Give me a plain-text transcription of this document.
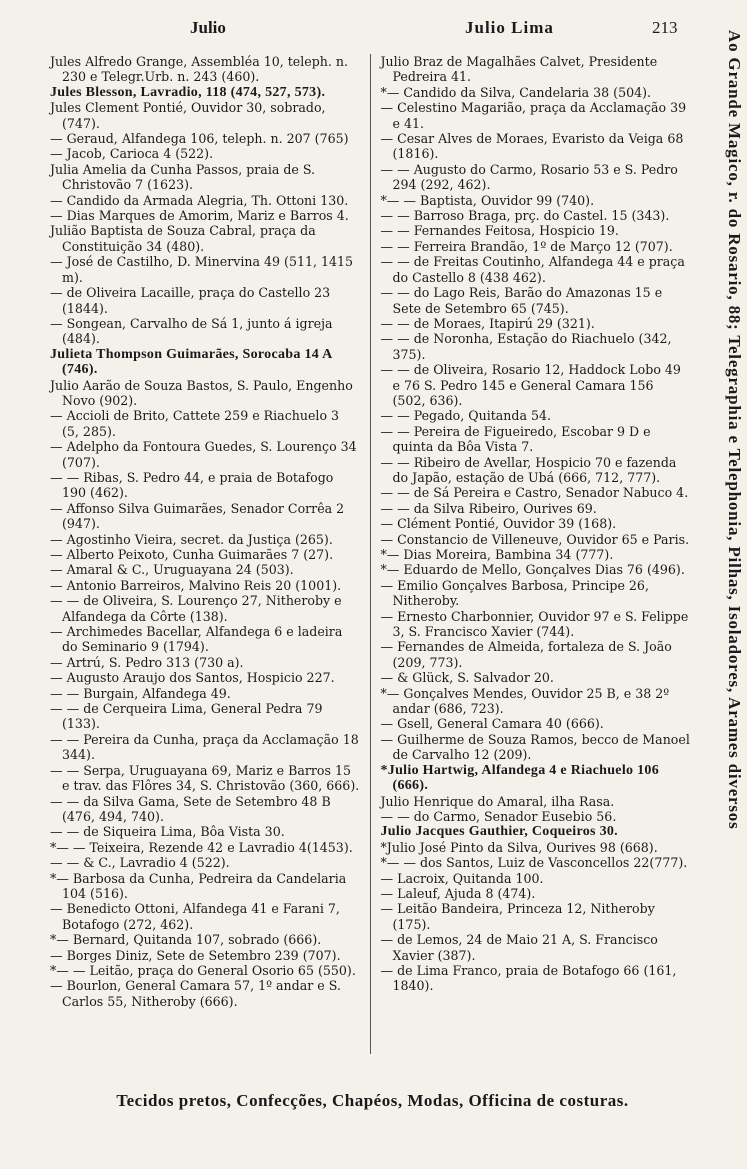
Julio	Julio Lima	213

Jules Alfredo Grange, Assembléa 10, teleph. n. 230 e Telegr.Urb. n. 243 (460).

Jules Blesson, Lavradio, 118 (474, 527, 573).

Jules Clement Pontié, Ouvidor 30, sobrado, (747).

— Geraud, Alfandega 106, teleph. n. 207 (765)

— Jacob, Carioca 4 (522).

Julia Amelia da Cunha Passos, praia de S. Christovão 7 (1623).

— Candido da Armada Alegria, Th. Ottoni 130.

— Dias Marques de Amorim, Mariz e Barros 4.

Julião Baptista de Souza Cabral, praça da Constituição 34 (480).

— José de Castilho, D. Minervina 49 (511, 1415 m).

— de Oliveira Lacaille, praça do Castello 23 (1844).

— Songean, Carvalho de Sá 1, junto á igreja (484).

Julieta Thompson Guimarães, Sorocaba 14 A (746).

Julio Aarão de Souza Bastos, S. Paulo, Engenho Novo (902).

— Accioli de Brito, Cattete 259 e Riachuelo 3 (5, 285).

— Adelpho da Fontoura Guedes, S. Lourenço 34 (707).

— — Ribas, S. Pedro 44, e praia de Botafogo 190 (462).

— Affonso Silva Guimarães, Senador Corrêa 2 (947).

— Agostinho Vieira, secret. da Justiça (265).

— Alberto Peixoto, Cunha Guimarães 7 (27).

— Amaral & C., Uruguayana 24 (503).

— Antonio Barreiros, Malvino Reis 20 (1001).

— — de Oliveira, S. Lourenço 27, Nitheroby e Alfandega da Côrte (138).

— Archimedes Bacellar, Alfandega 6 e ladeira do Seminario 9 (1794).

— Artrú, S. Pedro 313 (730 a).

— Augusto Araujo dos Santos, Hospicio 227.

— — Burgain, Alfandega 49.

— — de Cerqueira Lima, General Pedra 79 (133).

— — Pereira da Cunha, praça da Acclamação 18 344).

— — Serpa, Uruguayana 69, Mariz e Barros 15 e trav. das Flôres 34, S. Christovão (360, 666).

— — da Silva Gama, Sete de Setembro 48 B (476, 494, 740).

— — de Siqueira Lima, Bôa Vista 30.

*— — Teixeira, Rezende 42 e Lavradio 4(1453).

— — & C., Lavradio 4 (522).

*— Barbosa da Cunha, Pedreira da Candelaria 104 (516).

— Benedicto Ottoni, Alfandega 41 e Farani 7, Botafogo (272, 462).

*— Bernard, Quitanda 107, sobrado (666).

— Borges Diniz, Sete de Setembro 239 (707).

*— — Leitão, praça do General Osorio 65 (550).

— Bourlon, General Camara 57, 1º andar e S. Carlos 55, Nitheroby (666).

Julio Braz de Magalhães Calvet, Presidente Pedreira 41.

*— Candido da Silva, Candelaria 38 (504).

— Celestino Magarião, praça da Acclamação 39 e 41.

— Cesar Alves de Moraes, Evaristo da Veiga 68 (1816).

— — Augusto do Carmo, Rosario 53 e S. Pedro 294 (292, 462).

*— — Baptista, Ouvidor 99 (740).

— — Barroso Braga, prç. do Castel. 15 (343).

— — Fernandes Feitosa, Hospicio 19.

— — Ferreira Brandão, 1º de Março 12 (707).

— — de Freitas Coutinho, Alfandega 44 e praça do Castello 8 (438 462).

— — do Lago Reis, Barão do Amazonas 15 e Sete de Setembro 65 (745).

— — de Moraes, Itapirú 29 (321).

— — de Noronha, Estação do Riachuelo (342, 375).

— — de Oliveira, Rosario 12, Haddock Lobo 49 e 76 S. Pedro 145 e General Camara 156 (502, 636).

— — Pegado, Quitanda 54.

— — Pereira de Figueiredo, Escobar 9 D e quinta da Bôa Vista 7.

— — Ribeiro de Avellar, Hospicio 70 e fazenda do Japão, estação de Ubá (666, 712, 777).

— — de Sá Pereira e Castro, Senador Nabuco 4.

— — da Silva Ribeiro, Ourives 69.

— Clément Pontié, Ouvidor 39 (168).

— Constancio de Villeneuve, Ouvidor 65 e Paris.

*— Dias Moreira, Bambina 34 (777).

*— Eduardo de Mello, Gonçalves Dias 76 (496).

— Emilio Gonçalves Barbosa, Principe 26, Nitheroby.

— Ernesto Charbonnier, Ouvidor 97 e S. Felippe 3, S. Francisco Xavier (744).

— Fernandes de Almeida, fortaleza de S. João (209, 773).

— & Glück, S. Salvador 20.

*— Gonçalves Mendes, Ouvidor 25 B, e 38 2º andar (686, 723).

— Gsell, General Camara 40 (666).

— Guilherme de Souza Ramos, becco de Manoel de Carvalho 12 (209).

*Julio Hartwig, Alfandega 4 e Riachuelo 106 (666).

Julio Henrique do Amaral, ilha Rasa.

— — do Carmo, Senador Eusebio 56.

Julio Jacques Gauthier, Coqueiros 30.

*Julio José Pinto da Silva, Ourives 98 (668).

*— — dos Santos, Luiz de Vasconcellos 22(777).

— Lacroix, Quitanda 100.

— Laleuf, Ajuda 8 (474).

— Leitão Bandeira, Princeza 12, Nitheroby (175).

— de Lemos, 24 de Maio 21 A, S. Francisco Xavier (387).

— de Lima Franco, praia de Botafogo 66 (161, 1840).

Ao Grande Magico, r. do Rosario, 88; Telegraphia e Telephonia, Pilhas, Isoladores, Arames diversos
Tecidos pretos, Confecções, Chapéos, Modas, Officina de costuras.
